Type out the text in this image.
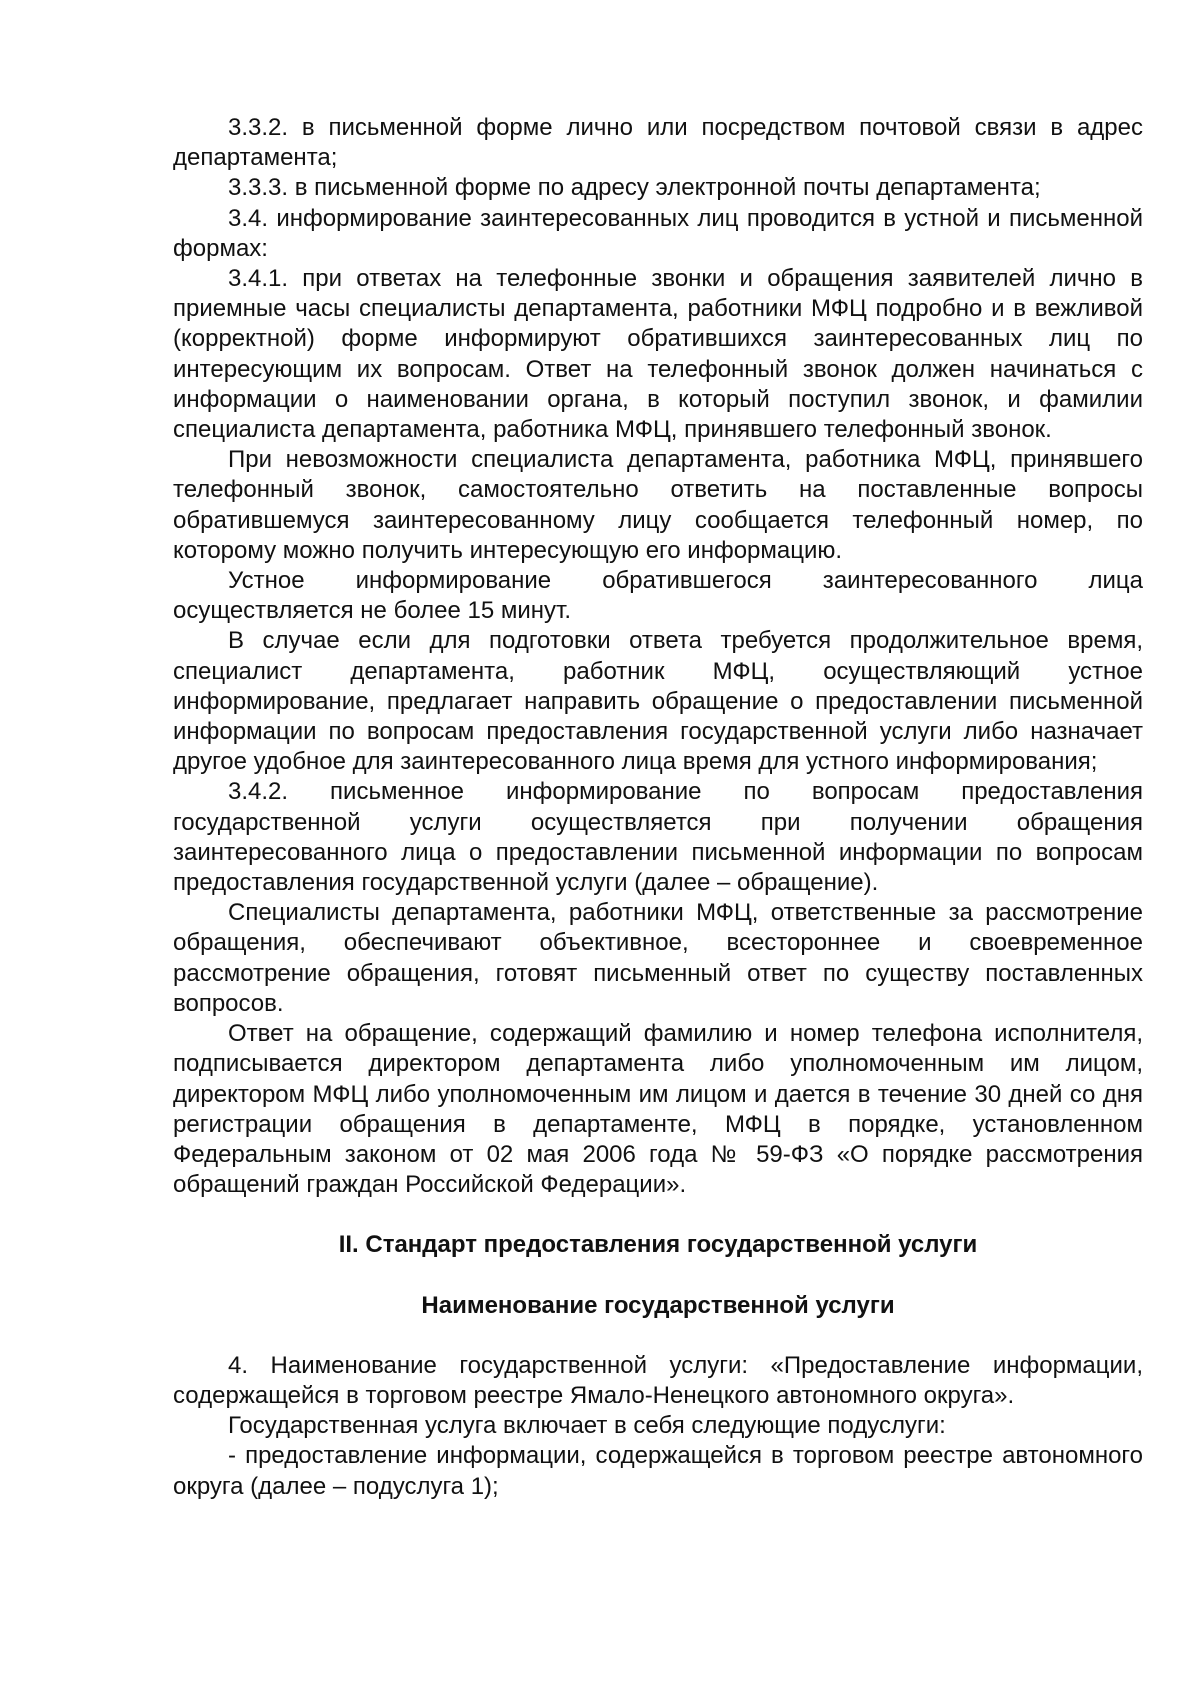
3.3.2. в письменной форме лично или посредством почтовой связи в адрес департамента;

3.3.3. в письменной форме по адресу электронной почты департамента;

3.4. информирование заинтересованных лиц проводится в устной и письменной формах:

3.4.1. при ответах на телефонные звонки и обращения заявителей лично в приемные часы специалисты департамента, работники МФЦ подробно и в вежливой (корректной) форме информируют обратившихся заинтересованных лиц по интересующим их вопросам. Ответ на телефонный звонок должен начинаться с информации о наименовании органа, в который поступил звонок, и фамилии специалиста департамента, работника МФЦ, принявшего телефонный звонок.

При невозможности специалиста департамента, работника МФЦ, принявшего телефонный звонок, самостоятельно ответить на поставленные вопросы обратившемуся заинтересованному лицу сообщается телефонный номер, по которому можно получить интересующую его информацию.

Устное информирование обратившегося заинтересованного лица осуществляется не более 15 минут.

В случае если для подготовки ответа требуется продолжительное время, специалист департамента, работник МФЦ, осуществляющий устное информирование, предлагает направить обращение о предоставлении письменной информации по вопросам предоставления государственной услуги либо назначает другое удобное для заинтересованного лица время для устного информирования;

3.4.2. письменное информирование по вопросам предоставления государственной услуги осуществляется при получении обращения заинтересованного лица о предоставлении письменной информации по вопросам предоставления государственной услуги (далее – обращение).

Специалисты департамента, работники МФЦ, ответственные за рассмотрение обращения, обеспечивают объективное, всестороннее и своевременное рассмотрение обращения, готовят письменный ответ по существу поставленных вопросов.

Ответ на обращение, содержащий фамилию и номер телефона исполнителя, подписывается директором департамента либо уполномоченным им лицом, директором МФЦ либо уполномоченным им лицом и дается в течение 30 дней со дня регистрации обращения в департаменте, МФЦ в порядке, установленном Федеральным законом от 02 мая 2006 года № 59-ФЗ «О порядке рассмотрения обращений граждан Российской Федерации».

II. Стандарт предоставления государственной услуги

Наименование государственной услуги

4. Наименование государственной услуги: «Предоставление информации, содержащейся в торговом реестре Ямало-Ненецкого автономного округа».

Государственная услуга включает в себя следующие подуслуги:

- предоставление информации, содержащейся в торговом реестре автономного округа (далее – подуслуга 1);
